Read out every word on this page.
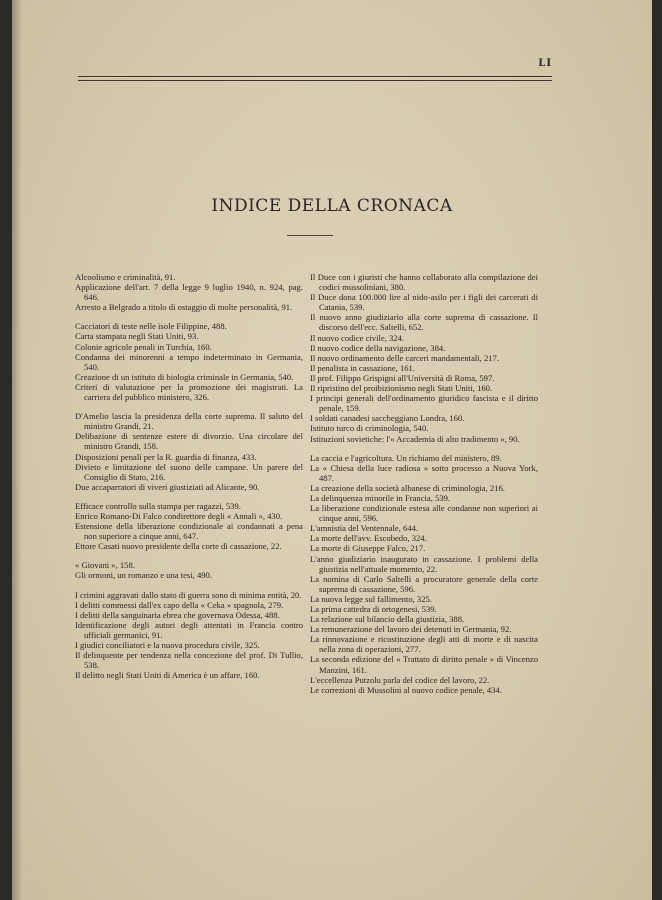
LI
INDICE DELLA CRONACA

Alcoolismo e criminalità, 91.

Applicazione dell'art. 7 della legge 9 luglio 1940, n. 924, pag. 646.

Arresto a Belgrado a titolo di ostaggio di molte personalità, 91.

Cacciatori di teste nelle isole Filippine, 488.

Carta stampata negli Stati Uniti, 93.

Colonie agricole penali in Turchia, 160.

Condanna dei minorenni a tempo indeterminato in Germania, 540.

Creazione di un istituto di biologia criminale in Germania, 540.

Criteri di valutazione per la promozione dei magistrati. La carriera del pubblico ministero, 326.

D'Amelio lascia la presidenza della corte suprema. Il saluto del ministro Grandi, 21.

Delibazione di sentenze estere di divorzio. Una circolare del ministro Grandi, 158.

Disposizioni penali per la R. guardia di finanza, 433.

Divieto e limitazione del suono delle campane. Un parere del Consiglio di Stato, 216.

Due accaparratori di viveri giustiziati ad Alicante, 90.

Efficace controllo sulla stampa per ragazzi, 539.

Enrico Romano-Di Falco condirettore degli « Annali », 430.

Estensione della liberazione condizionale ai condannati a pena non superiore a cinque anni, 647.

Ettore Casati nuovo presidente della corte di cassazione, 22.

« Giovani », 158.

Gli ormoni, un romanzo e una tesi, 490.

I crimini aggravati dallo stato di guerra sono di minima entità, 20.

I delitti commessi dall'ex capo della « Ceka » spagnola, 279.

I delitti della sanguinaria ebrea che governava Odessa, 488.

Identificazione degli autori degli attentati in Francia contro ufficiali germanici, 91.

I giudici conciliatori e la nuova procedura civile, 325.

Il delinquente per tendenza nella concezione del prof. Di Tullio, 538.

Il delitto negli Stati Uniti di America è un affare, 160.

Il Duce con i giuristi che hanno collaborato alla compilazione dei codici mussoliniani, 380.

Il Duce dona 100.000 lire al nido-asilo per i figli dei carcerati di Catania, 539.

Il nuovo anno giudiziario alla corte suprema di cassazione. Il discorso dell'ecc. Saltelli, 652.

Il nuovo codice civile, 324.

Il nuovo codice della navigazione, 384.

Il nuovo ordinamento delle carceri mandamentali, 217.

Il penalista in cassazione, 161.

Il prof. Filippo Grispigni all'Università di Roma, 597.

Il ripristino del proibizionismo negli Stati Uniti, 160.

I principi generali dell'ordinamento giuridico fascista e il diritto penale, 159.

I soldati canadesi saccheggiano Londra, 160.

Istituto turco di criminologia, 540.

Istituzioni sovietiche: l'« Accademia di alto tradimento », 90.

La caccia e l'agricoltura. Un richiamo del ministero, 89.

La « Chiesa della luce radiosa » sotto processo a Nuova York, 487.

La creazione della società albanese di criminologia, 216.

La delinquenza minorile in Francia, 539.

La liberazione condizionale estesa alle condanne non superiori ai cinque anni, 596.

L'amnistia del Ventennale, 644.

La morte dell'avv. Escobedo, 324.

La morte di Giuseppe Falco, 217.

L'anno giudiziario inaugurato in cassazione. I problemi della giustizia nell'attuale momento, 22.

La nomina di Carlo Saltelli a procuratore generale della corte suprema di cassazione, 596.

La nuova legge sul fallimento, 325.

La prima cattedra di ortogenesi, 539.

La relazione sul bilancio della giustizia, 388.

La remunerazione del lavoro dei detenuti in Germania, 92.

La rinnovazione e ricostituzione degli atti di morte e di nascita nella zona di operazioni, 277.

La seconda edizione del « Trattato di diritto penale » di Vincenzo Manzini, 161.

L'eccellenza Putzolu parla del codice del lavoro, 22.

Le correzioni di Mussolini al nuovo codice penale, 434.
